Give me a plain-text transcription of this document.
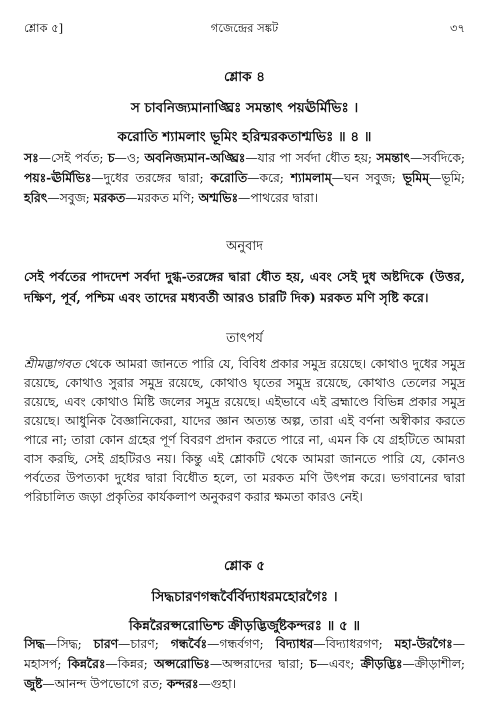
শ্লোক ৫]	গজেন্দ্রের সঙ্কট	৩৭
শ্লোক ৪
স চাবনিজ্যমানাঙ্ঘ্রিঃ সমন্তাৎ পয়ঊর্মিভিঃ ।
করোতি শ্যামলাং ভূমিং হরিন্মরকতাশ্মভিঃ ॥ ৪ ॥
সঃ—সেই পর্বত; চ—ও; অবনিজ্যমান-অঙ্ঘ্রিঃ—যার পা সর্বদা ধৌত হয়; সমন্তাৎ—সর্বদিকে; পয়ঃ-ঊর্মিভিঃ—দুধের তরঙ্গের দ্বারা; করোতি—করে; শ্যামলাম্—ঘন সবুজ; ভূমিম্—ভূমি; হরিৎ—সবুজ; মরকত—মরকত মণি; অশ্মভিঃ—পাথরের দ্বারা।
অনুবাদ
সেই পর্বতের পাদদেশ সর্বদা দুগ্ধ-তরঙ্গের দ্বারা ধৌত হয়, এবং সেই দুধ অষ্টদিকে (উত্তর, দক্ষিণ, পূর্ব, পশ্চিম এবং তাদের মধ্যবর্তী আরও চারটি দিক) মরকত মণি সৃষ্টি করে।
তাৎপর্য
শ্রীমদ্ভাগবত থেকে আমরা জানতে পারি যে, বিবিধ প্রকার সমুদ্র রয়েছে। কোথাও দুধের সমুদ্র রয়েছে, কোথাও সুরার সমুদ্র রয়েছে, কোথাও ঘৃতের সমুদ্র রয়েছে, কোথাও তেলের সমুদ্র রয়েছে, এবং কোথাও মিষ্টি জলের সমুদ্র রয়েছে। এইভাবে এই ব্রহ্মাণ্ডে বিভিন্ন প্রকার সমুদ্র রয়েছে। আধুনিক বৈজ্ঞানিকেরা, যাদের জ্ঞান অত্যন্ত অল্প, তারা এই বর্ণনা অস্বীকার করতে পারে না; তারা কোন গ্রহের পূর্ণ বিবরণ প্রদান করতে পারে না, এমন কি যে গ্রহটিতে আমরা বাস করছি, সেই গ্রহটিরও নয়। কিন্তু এই শ্লোকটি থেকে আমরা জানতে পারি যে, কোনও পর্বতের উপত্যকা দুধের দ্বারা বিধৌত হলে, তা মরকত মণি উৎপন্ন করে। ভগবানের দ্বারা পরিচালিত জড়া প্রকৃতির কার্যকলাপ অনুকরণ করার ক্ষমতা কারও নেই।
শ্লোক ৫
সিদ্ধচারণগন্ধর্বৈর্বিদ্যাধরমহোরগৈঃ ।
কিন্নরৈরপ্সরোভিশ্চ ক্রীড়দ্ভির্জুষ্টকন্দরঃ ॥ ৫ ॥
সিদ্ধ—সিদ্ধ; চারণ—চারণ; গন্ধর্বৈঃ—গন্ধর্বগণ; বিদ্যাধর—বিদ্যাধরগণ; মহা-উরগৈঃ—মহাসর্প; কিন্নরৈঃ—কিন্নর; অপ্সরোভিঃ—অপ্সরাদের দ্বারা; চ—এবং; ক্রীড়দ্ভিঃ—ক্রীড়াশীল; জুষ্ট—আনন্দ উপভোগে রত; কন্দরঃ—গুহা।
